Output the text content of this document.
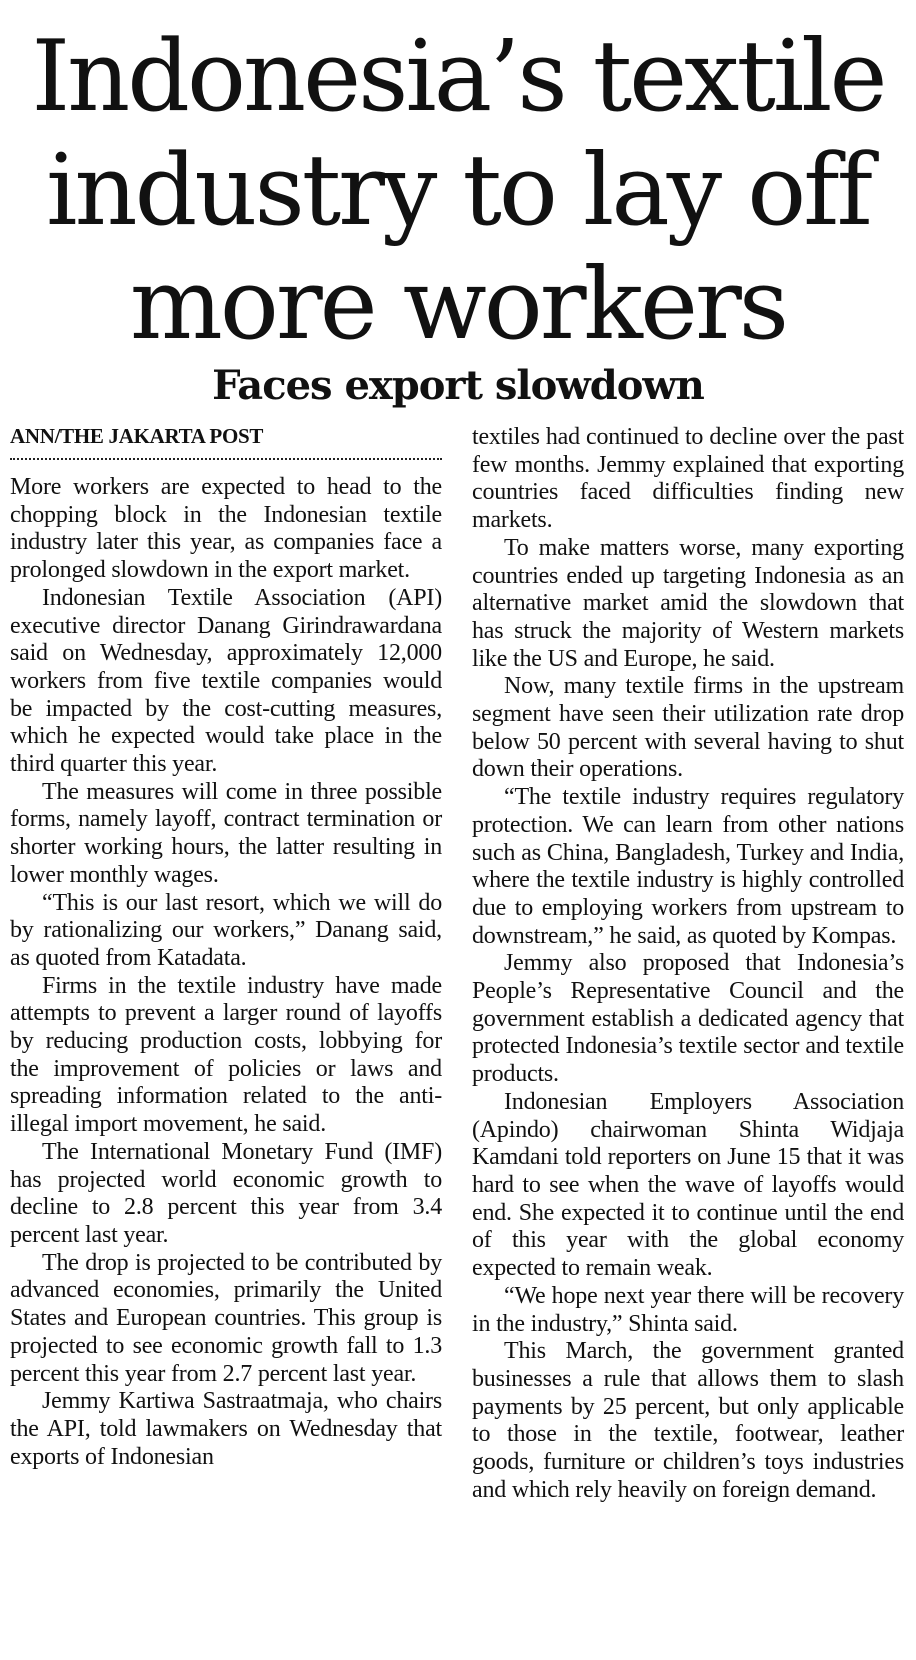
Indonesia’s textile
industry to lay off
more workers
Faces export slowdown
ANN/THE JAKARTA POST

More workers are expected to head to the chopping block in the Indonesian textile industry later this year, as companies face a prolonged slowdown in the export market.

Indonesian Textile Association (API) executive director Danang Girindrawardana said on Wednesday, approximately 12,000 workers from five textile companies would be impacted by the cost-cutting measures, which he expected would take place in the third quarter this year.

The measures will come in three possible forms, namely layoff, contract termination or shorter working hours, the latter resulting in lower monthly wages.

“This is our last resort, which we will do by rationalizing our workers,” Danang said, as quoted from Katadata.

Firms in the textile industry have made attempts to prevent a larger round of layoffs by reducing production costs, lobbying for the improvement of policies or laws and spreading information related to the anti-illegal import movement, he said.

The International Monetary Fund (IMF) has projected world economic growth to decline to 2.8 percent this year from 3.4 percent last year.

The drop is projected to be contributed by advanced economies, primarily the United States and European countries. This group is projected to see economic growth fall to 1.3 percent this year from 2.7 percent last year.

Jemmy Kartiwa Sastraatmaja, who chairs the API, told lawmakers on Wednesday that exports of Indonesian

textiles had continued to decline over the past few months. Jemmy explained that exporting countries faced difficulties finding new markets.

To make matters worse, many exporting countries ended up targeting Indonesia as an alternative market amid the slowdown that has struck the majority of Western markets like the US and Europe, he said.

Now, many textile firms in the upstream segment have seen their utilization rate drop below 50 percent with several having to shut down their operations.

“The textile industry requires regulatory protection. We can learn from other nations such as China, Bangladesh, Turkey and India, where the textile industry is highly controlled due to employing workers from upstream to downstream,” he said, as quoted by Kompas.

Jemmy also proposed that Indonesia’s People’s Representative Council and the government establish a dedicated agency that protected Indonesia’s textile sector and textile products.

Indonesian Employers Association (Apindo) chairwoman Shinta Widjaja Kamdani told reporters on June 15 that it was hard to see when the wave of layoffs would end. She expected it to continue until the end of this year with the global economy expected to remain weak.

“We hope next year there will be recovery in the industry,” Shinta said.

This March, the government granted businesses a rule that allows them to slash payments by 25 percent, but only applicable to those in the textile, footwear, leather goods, furniture or children’s toys industries and which rely heavily on foreign demand.
